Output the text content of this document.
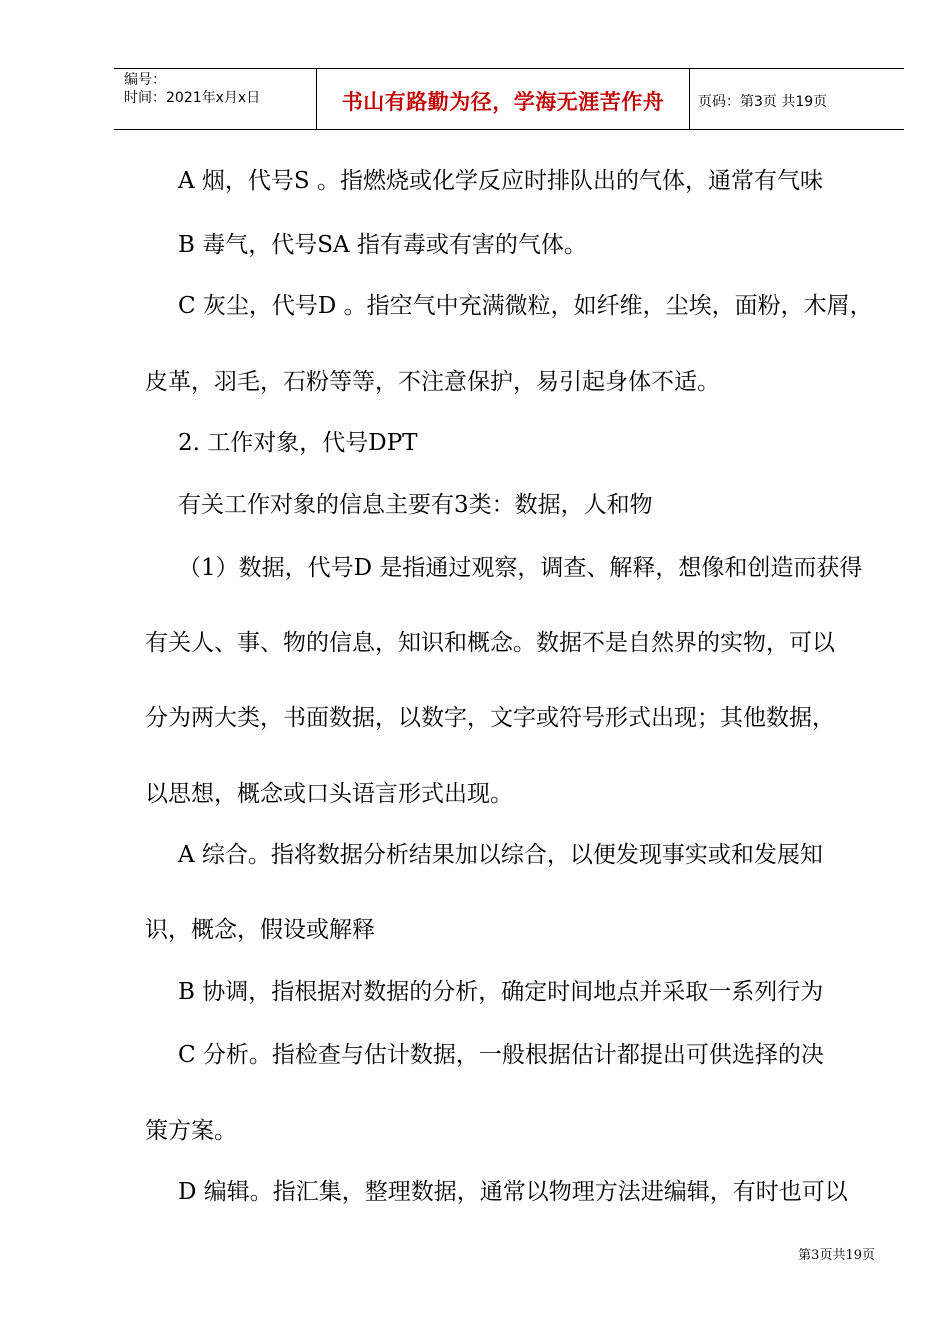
编号：
时间：2021年x月x日	书山有路勤为径，学海无涯苦作舟 页码：第3页 共19页
A 烟，代号S 。指燃烧或化学反应时排队出的气体，通常有气味
B 毒气，代号SA 指有毒或有害的气体。
C 灰尘，代号D 。指空气中充满微粒，如纤维，尘埃，面粉，木屑，
皮革，羽毛，石粉等等，不注意保护，易引起身体不适。
2. 工作对象，代号DPT
有关工作对象的信息主要有3类：数据，人和物
（1）数据，代号D 是指通过观察，调查、解释，想像和创造而获得
有关人、事、物的信息，知识和概念。数据不是自然界的实物，可以
分为两大类，书面数据，以数字，文字或符号形式出现；其他数据，
以思想，概念或口头语言形式出现。
A 综合。指将数据分析结果加以综合，以便发现事实或和发展知
识，概念，假设或解释
B 协调，指根据对数据的分析，确定时间地点并采取一系列行为
C 分析。指检查与估计数据，一般根据估计都提出可供选择的决
策方案。
D 编辑。指汇集，整理数据，通常以物理方法进编辑，有时也可以
第3页共19页
